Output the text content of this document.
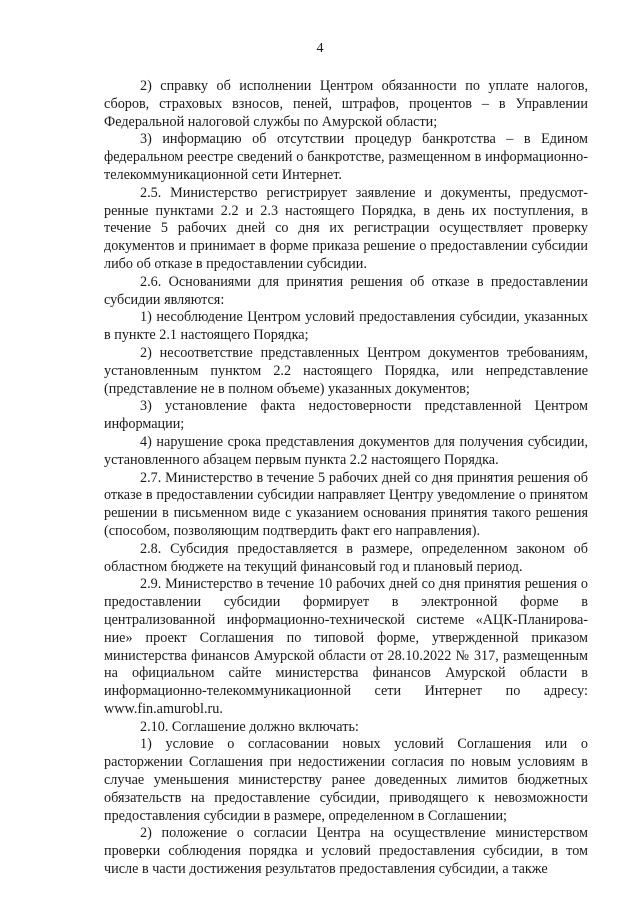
4

2) справку об исполнении Центром обязанности по уплате налогов, сборов, страховых взносов, пеней, штрафов, процентов – в Управлении Федеральной налоговой службы по Амурской области;

3) информацию об отсутствии процедур банкротства – в Едином федеральном реестре сведений о банкротстве, размещенном в информационно-телекоммуникационной сети Интернет.

2.5. Министерство регистрирует заявление и документы, предусмот-ренные пунктами 2.2 и 2.3 настоящего Порядка, в день их поступления, в течение 5 рабочих дней со дня их регистрации осуществляет проверку документов и принимает в форме приказа решение о предоставлении субсидии либо об отказе в предоставлении субсидии.

2.6. Основаниями для принятия решения об отказе в предоставлении субсидии являются:

1) несоблюдение Центром условий предоставления субсидии, указанных в пункте 2.1 настоящего Порядка;

2) несоответствие представленных Центром документов требованиям, установленным пунктом 2.2 настоящего Порядка, или непредставление (представление не в полном объеме) указанных документов;

3) установление факта недостоверности представленной Центром информации;

4) нарушение срока представления документов для получения субсидии, установленного абзацем первым пункта 2.2 настоящего Порядка.

2.7. Министерство в течение 5 рабочих дней со дня принятия решения об отказе в предоставлении субсидии направляет Центру уведомление о принятом решении в письменном виде с указанием основания принятия такого решения (способом, позволяющим подтвердить факт его направления).

2.8. Субсидия предоставляется в размере, определенном законом об областном бюджете на текущий финансовый год и плановый период.

2.9. Министерство в течение 10 рабочих дней со дня принятия решения о предоставлении субсидии формирует в электронной форме в централизованной информационно-технической системе «АЦК-Планирова-ние» проект Соглашения по типовой форме, утвержденной приказом министерства финансов Амурской области от 28.10.2022 № 317, размещенным на официальном сайте министерства финансов Амурской области в информационно-телекоммуникационной сети Интернет по адресу: www.fin.amurobl.ru.

2.10. Соглашение должно включать:

1) условие о согласовании новых условий Соглашения или о расторжении Соглашения при недостижении согласия по новым условиям в случае уменьшения министерству ранее доведенных лимитов бюджетных обязательств на предоставление субсидии, приводящего к невозможности предоставления субсидии в размере, определенном в Соглашении;

2) положение о согласии Центра на осуществление министерством проверки соблюдения порядка и условий предоставления субсидии, в том числе в части достижения результатов предоставления субсидии, а также
